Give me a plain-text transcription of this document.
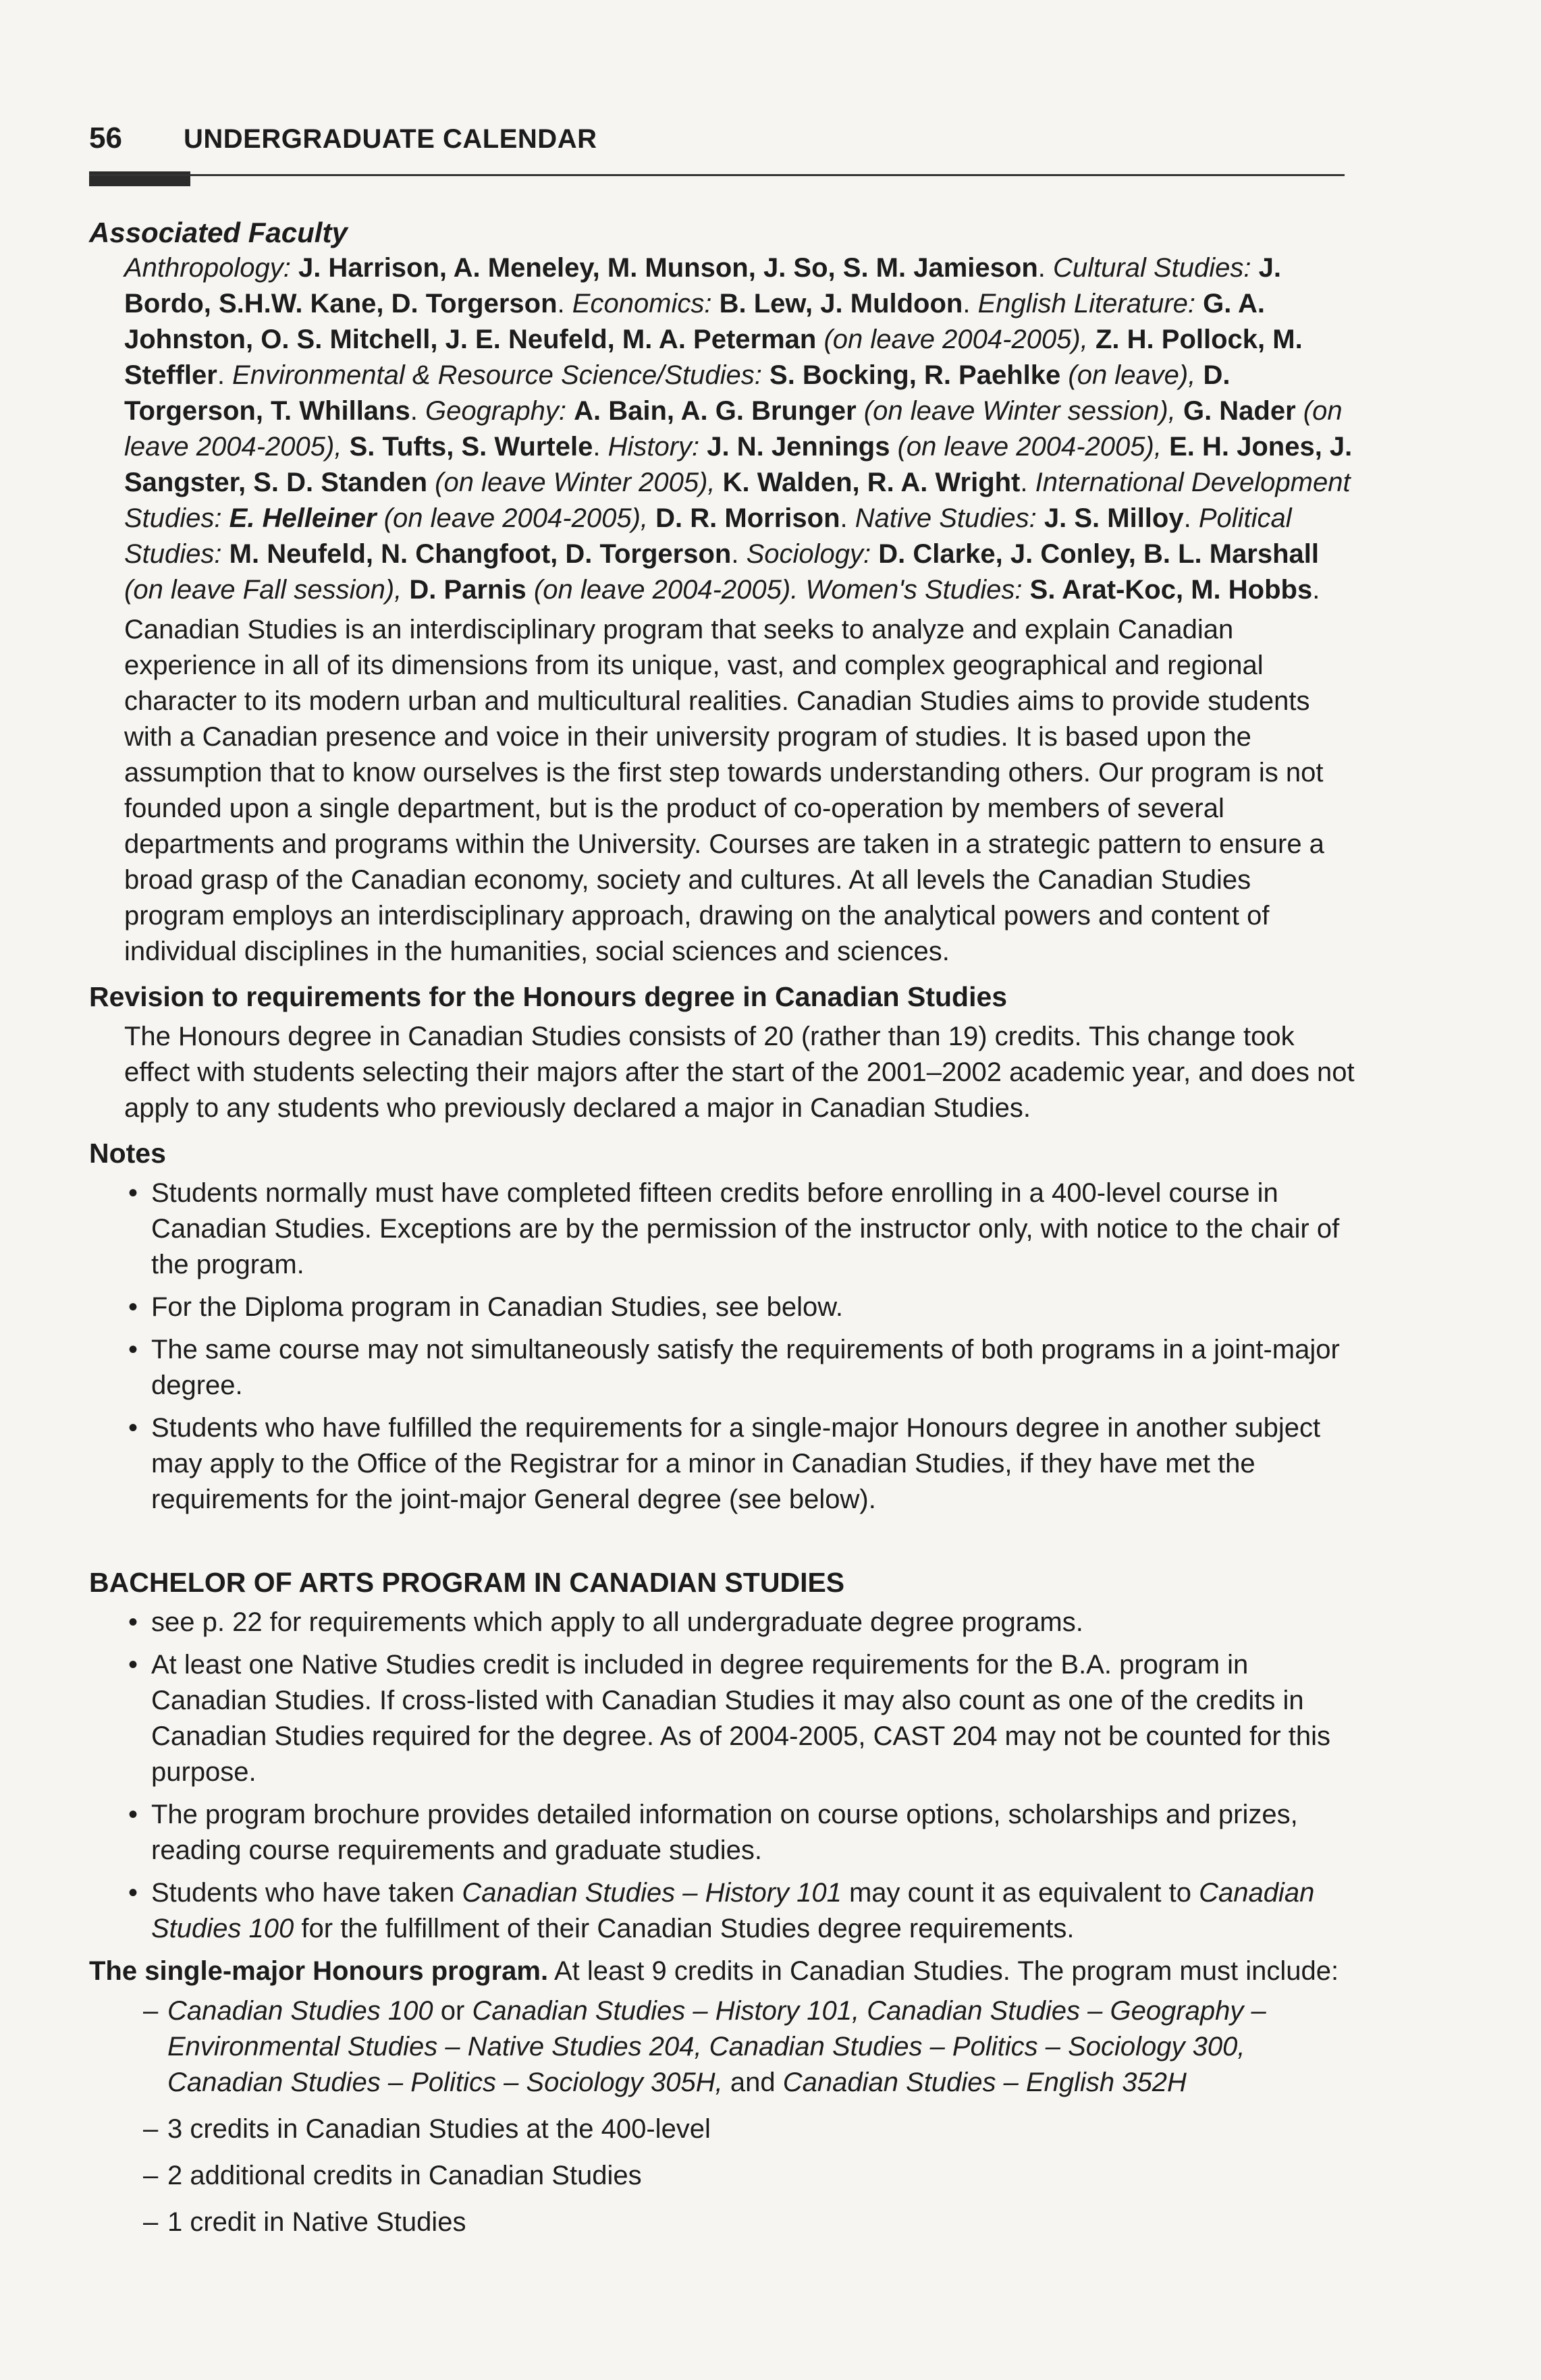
56 UNDERGRADUATE CALENDAR

Associated Faculty

Anthropology: J. Harrison, A. Meneley, M. Munson, J. So, S. M. Jamieson. Cultural Studies: J. Bordo, S.H.W. Kane, D. Torgerson. Economics: B. Lew, J. Muldoon. English Literature: G. A. Johnston, O. S. Mitchell, J. E. Neufeld, M. A. Peterman (on leave 2004-2005), Z. H. Pollock, M. Steffler. Environmental & Resource Science/Studies: S. Bocking, R. Paehlke (on leave), D. Torgerson, T. Whillans. Geography: A. Bain, A. G. Brunger (on leave Winter session), G. Nader (on leave 2004-2005), S. Tufts, S. Wurtele. History: J. N. Jennings (on leave 2004-2005), E. H. Jones, J. Sangster, S. D. Standen (on leave Winter 2005), K. Walden, R. A. Wright. International Development Studies: E. Helleiner (on leave 2004-2005), D. R. Morrison. Native Studies: J. S. Milloy. Political Studies: M. Neufeld, N. Changfoot, D. Torgerson. Sociology: D. Clarke, J. Conley, B. L. Marshall (on leave Fall session), D. Parnis (on leave 2004-2005). Women's Studies: S. Arat-Koc, M. Hobbs.

Canadian Studies is an interdisciplinary program that seeks to analyze and explain Canadian experience in all of its dimensions from its unique, vast, and complex geographical and regional character to its modern urban and multicultural realities. Canadian Studies aims to provide students with a Canadian presence and voice in their university program of studies. It is based upon the assumption that to know ourselves is the first step towards understanding others. Our program is not founded upon a single department, but is the product of co-operation by members of several departments and programs within the University. Courses are taken in a strategic pattern to ensure a broad grasp of the Canadian economy, society and cultures. At all levels the Canadian Studies program employs an interdisciplinary approach, drawing on the analytical powers and content of individual disciplines in the humanities, social sciences and sciences.

Revision to requirements for the Honours degree in Canadian Studies

The Honours degree in Canadian Studies consists of 20 (rather than 19) credits. This change took effect with students selecting their majors after the start of the 2001–2002 academic year, and does not apply to any students who previously declared a major in Canadian Studies.

Notes

• Students normally must have completed fifteen credits before enrolling in a 400-level course in Canadian Studies. Exceptions are by the permission of the instructor only, with notice to the chair of the program.
• For the Diploma program in Canadian Studies, see below.
• The same course may not simultaneously satisfy the requirements of both programs in a joint-major degree.
• Students who have fulfilled the requirements for a single-major Honours degree in another subject may apply to the Office of the Registrar for a minor in Canadian Studies, if they have met the requirements for the joint-major General degree (see below).

BACHELOR OF ARTS PROGRAM IN CANADIAN STUDIES

• see p. 22 for requirements which apply to all undergraduate degree programs.
• At least one Native Studies credit is included in degree requirements for the B.A. program in Canadian Studies. If cross-listed with Canadian Studies it may also count as one of the credits in Canadian Studies required for the degree. As of 2004-2005, CAST 204 may not be counted for this purpose.
• The program brochure provides detailed information on course options, scholarships and prizes, reading course requirements and graduate studies.
• Students who have taken Canadian Studies – History 101 may count it as equivalent to Canadian Studies 100 for the fulfillment of their Canadian Studies degree requirements.

The single-major Honours program. At least 9 credits in Canadian Studies. The program must include:

– Canadian Studies 100 or Canadian Studies – History 101, Canadian Studies – Geography – Environmental Studies – Native Studies 204, Canadian Studies – Politics – Sociology 300, Canadian Studies – Politics – Sociology 305H, and Canadian Studies – English 352H
– 3 credits in Canadian Studies at the 400-level
– 2 additional credits in Canadian Studies
– 1 credit in Native Studies
